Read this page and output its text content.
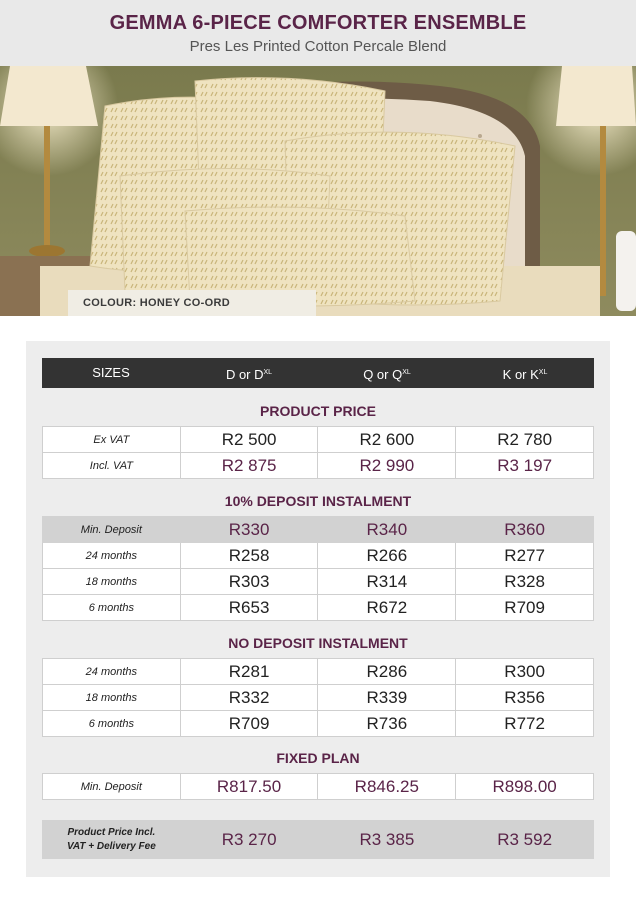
GEMMA 6-PIECE COMFORTER ENSEMBLE
Pres Les Printed Cotton Percale Blend
COLOUR: HONEY CO-ORD
SIZES	D or $D^{XL}$	Q or $Q^{XL}$	K or $K^{XL}$
PRODUCT PRICE
Ex VAT	R2 500	R2 600	R2 780
Incl. VAT	R2 875	R2 990	R3 197
10% DEPOSIT INSTALMENT
Min. Deposit	R330	R340	R360
24 months	R258	R266	R277
18 months	R303	R314	R328
6 months	R653	R672	R709
NO DEPOSIT INSTALMENT
24 months	R281	R286	R300
18 months	R332	R339	R356
6 months	R709	R736	R772
FIXED PLAN
Min. Deposit	R817.50	R846.25	R898.00
Product Price Incl.
VAT + Delivery Fee	R3 270	R3 385	R3 592
